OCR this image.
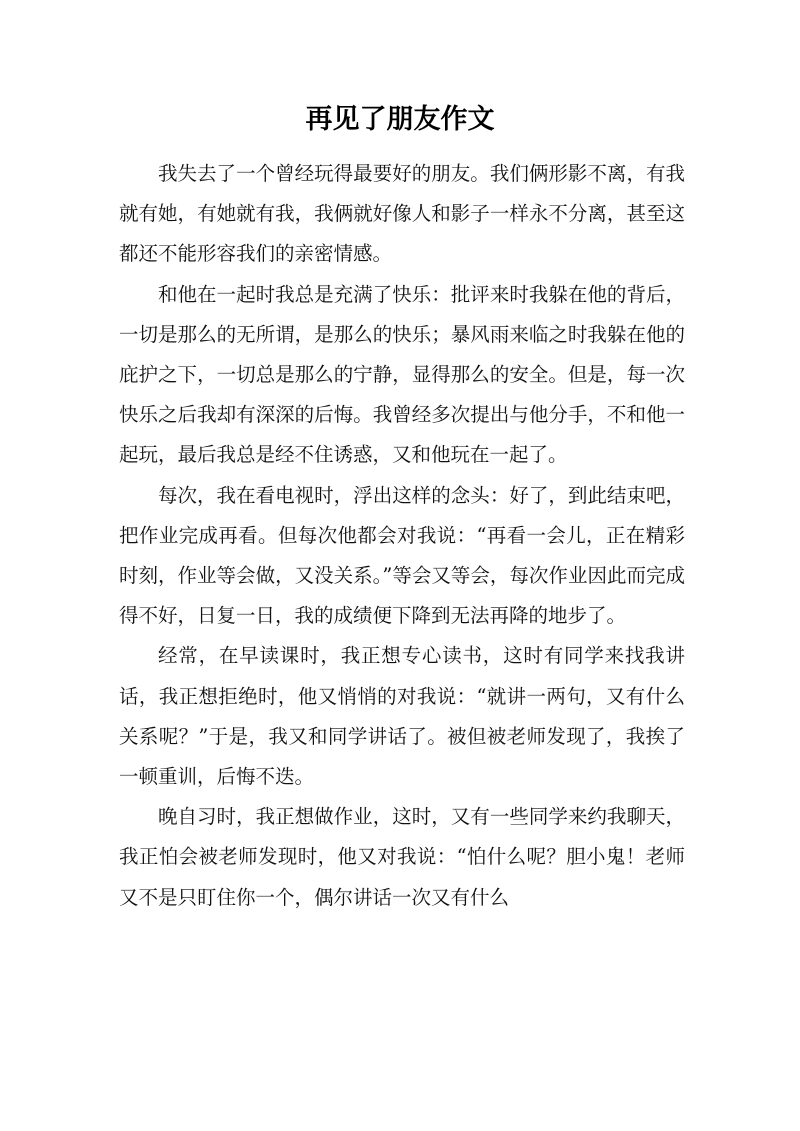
再见了朋友作文

我失去了一个曾经玩得最要好的朋友。我们俩形影不离，有我就有她，有她就有我，我俩就好像人和影子一样永不分离，甚至这都还不能形容我们的亲密情感。

和他在一起时我总是充满了快乐：批评来时我躲在他的背后，一切是那么的无所谓，是那么的快乐；暴风雨来临之时我躲在他的庇护之下，一切总是那么的宁静，显得那么的安全。但是，每一次快乐之后我却有深深的后悔。我曾经多次提出与他分手，不和他一起玩，最后我总是经不住诱惑，又和他玩在一起了。

每次，我在看电视时，浮出这样的念头：好了，到此结束吧，把作业完成再看。但每次他都会对我说：“再看一会儿，正在精彩时刻，作业等会做，又没关系。”等会又等会，每次作业因此而完成得不好，日复一日，我的成绩便下降到无法再降的地步了。

经常，在早读课时，我正想专心读书，这时有同学来找我讲话，我正想拒绝时，他又悄悄的对我说：“就讲一两句，又有什么关系呢？”于是，我又和同学讲话了。被但被老师发现了，我挨了一顿重训，后悔不迭。

晚自习时，我正想做作业，这时，又有一些同学来约我聊天，我正怕会被老师发现时，他又对我说：“怕什么呢？胆小鬼！老师又不是只盯住你一个，偶尔讲话一次又有什么
